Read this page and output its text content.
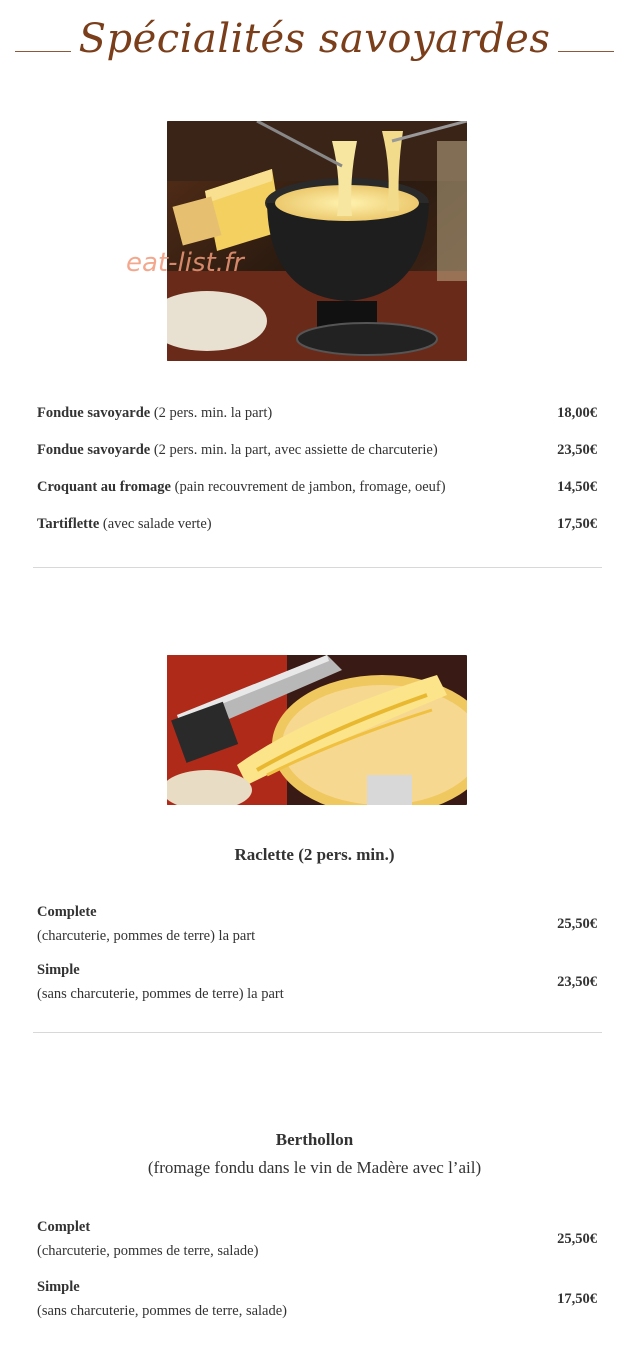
Spécialités savoyardes
eat-list.fr
Fondue savoyarde (2 pers. min. la part)	18,00€
Fondue savoyarde (2 pers. min. la part, avec assiette de charcuterie)	23,50€
Croquant au fromage (pain recouvrement de jambon, fromage, oeuf)	14,50€
Tartiflette (avec salade verte)	17,50€
Raclette (2 pers. min.)
Complete
(charcuterie, pommes de terre) la part
25,50€
Simple
(sans charcuterie, pommes de terre) la part
23,50€
Berthollon
(fromage fondu dans le vin de Madère avec l’ail)
Complet
(charcuterie, pommes de terre, salade)
25,50€
Simple
(sans charcuterie, pommes de terre, salade)
17,50€
